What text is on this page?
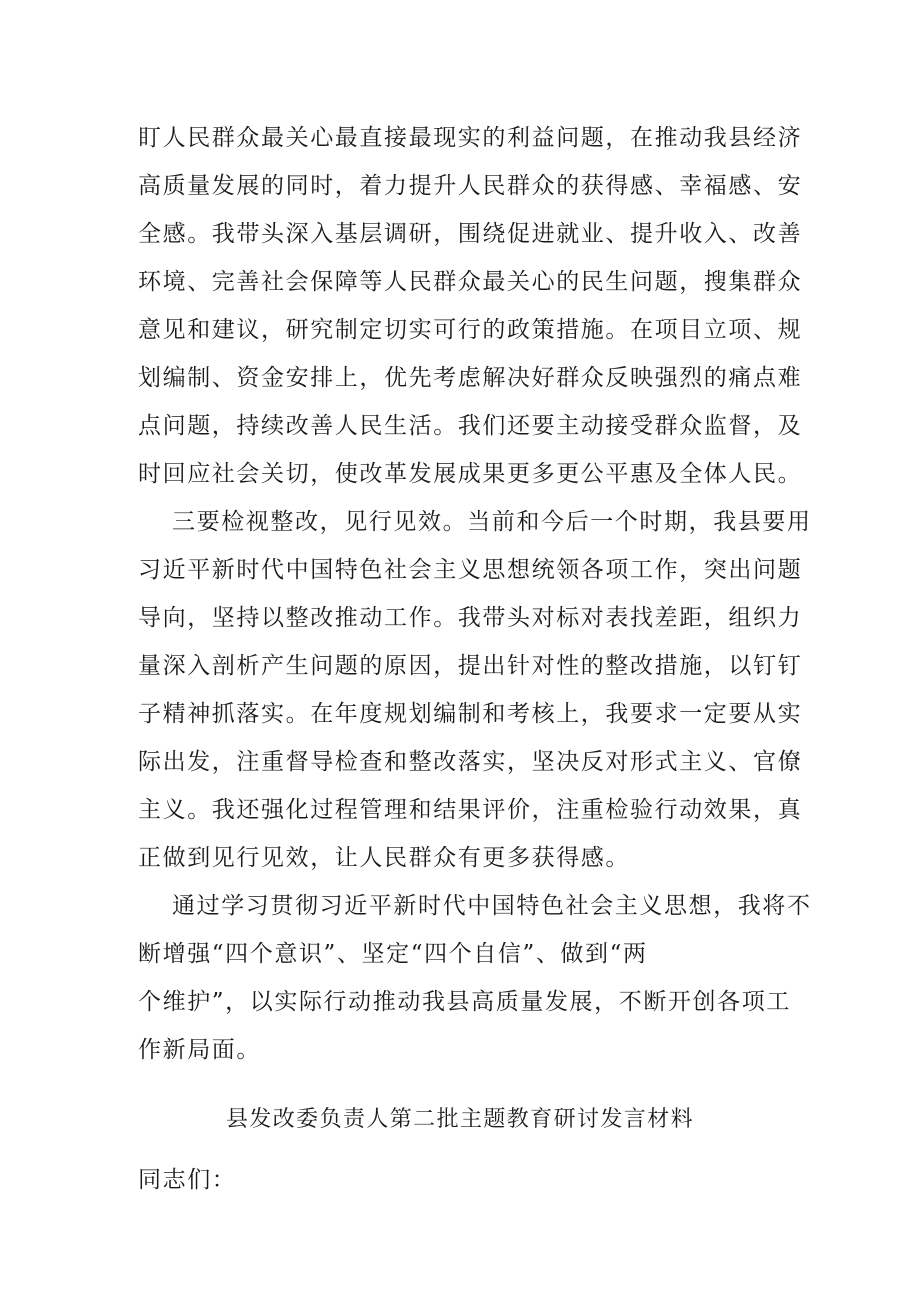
盯人民群众最关心最直接最现实的利益问题，在推动我县经济
高质量发展的同时，着力提升人民群众的获得感、幸福感、安
全感。我带头深入基层调研，围绕促进就业、提升收入、改善
环境、完善社会保障等人民群众最关心的民生问题，搜集群众
意见和建议，研究制定切实可行的政策措施。在项目立项、规
划编制、资金安排上，优先考虑解决好群众反映强烈的痛点难
点问题，持续改善人民生活。我们还要主动接受群众监督，及
时回应社会关切，使改革发展成果更多更公平惠及全体人民。
三要检视整改，见行见效。当前和今后一个时期，我县要用
习近平新时代中国特色社会主义思想统领各项工作，突出问题
导向，坚持以整改推动工作。我带头对标对表找差距，组织力
量深入剖析产生问题的原因，提出针对性的整改措施，以钉钉
子精神抓落实。在年度规划编制和考核上，我要求一定要从实
际出发，注重督导检查和整改落实，坚决反对形式主义、官僚
主义。我还强化过程管理和结果评价，注重检验行动效果，真
正做到见行见效，让人民群众有更多获得感。
通过学习贯彻习近平新时代中国特色社会主义思想，我将不
断增强“四个意识”、坚定“四个自信”、做到“两
个维护”，以实际行动推动我县高质量发展，不断开创各项工
作新局面。
县发改委负责人第二批主题教育研讨发言材料
同志们：
